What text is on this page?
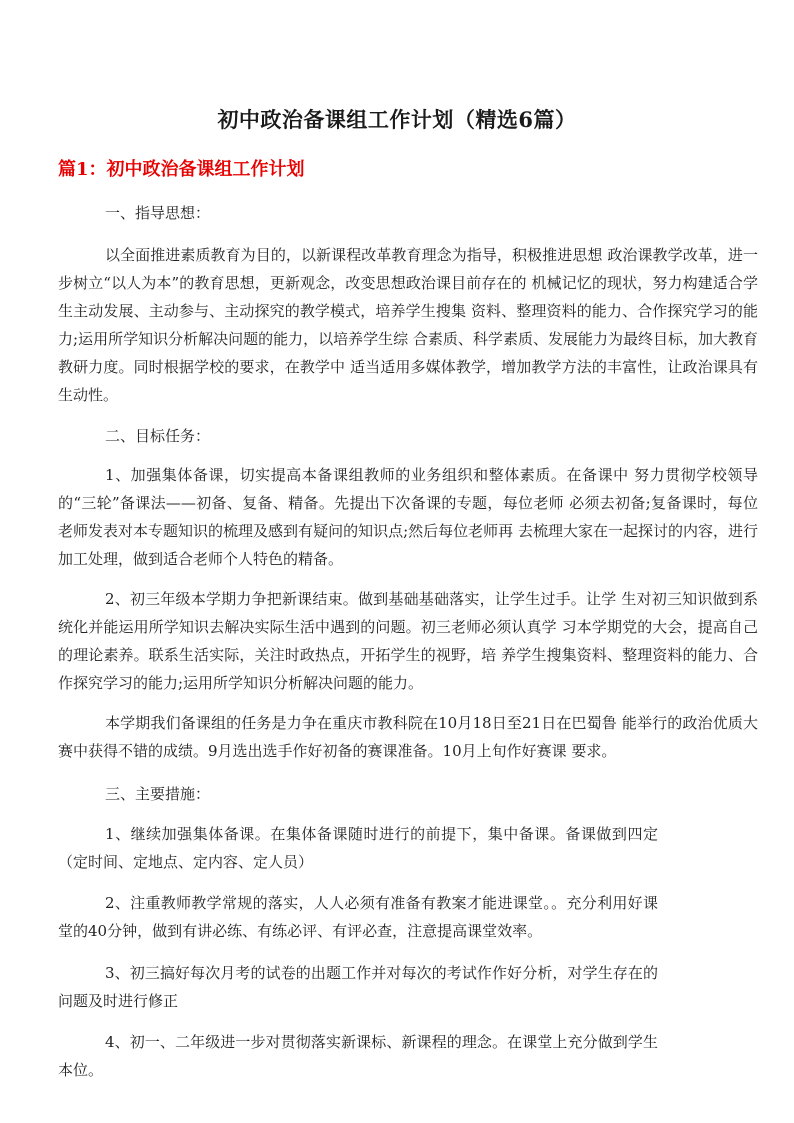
初中政治备课组工作计划（精选6篇）
篇1：初中政治备课组工作计划

一、指导思想：

以全面推进素质教育为目的，以新课程改革教育理念为指导，积极推进思想 政治课教学改革，进一步树立“以人为本”的教育思想，更新观念，改变思想政治课目前存在的 机械记忆的现状，努力构建适合学生主动发展、主动参与、主动探究的教学模式，培养学生搜集 资料、整理资料的能力、合作探究学习的能力;运用所学知识分析解决问题的能力，以培养学生综 合素质、科学素质、发展能力为最终目标，加大教育教研力度。同时根据学校的要求，在教学中 适当适用多媒体教学，增加教学方法的丰富性，让政治课具有生动性。

二、目标任务：

1、加强集体备课，切实提高本备课组教师的业务组织和整体素质。在备课中 努力贯彻学校领导的“三轮”备课法——初备、复备、精备。先提出下次备课的专题，每位老师 必须去初备;复备课时，每位老师发表对本专题知识的梳理及感到有疑问的知识点;然后每位老师再 去梳理大家在一起探讨的内容，进行加工处理，做到适合老师个人特色的精备。

2、初三年级本学期力争把新课结束。做到基础基础落实，让学生过手。让学 生对初三知识做到系统化并能运用所学知识去解决实际生活中遇到的问题。初三老师必须认真学 习本学期党的大会，提高自己的理论素养。联系生活实际，关注时政热点，开拓学生的视野，培 养学生搜集资料、整理资料的能力、合作探究学习的能力;运用所学知识分析解决问题的能力。

本学期我们备课组的任务是力争在重庆市教科院在10月18日至21日在巴蜀鲁 能举行的政治优质大赛中获得不错的成绩。9月选出选手作好初备的赛课准备。10月上旬作好赛课 要求。

三、主要措施：

1、继续加强集体备课。在集体备课随时进行的前提下，集中备课。备课做到四定（定时间、定地点、定内容、定人员）

2、注重教师教学常规的落实，人人必须有准备有教案才能进课堂。。充分利用好课堂的40分钟，做到有讲必练、有练必评、有评必查，注意提高课堂效率。

3、初三搞好每次月考的试卷的出题工作并对每次的考试作作好分析，对学生存在的问题及时进行修正

4、初一、二年级进一步对贯彻落实新课标、新课程的理念。在课堂上充分做到学生本位。
